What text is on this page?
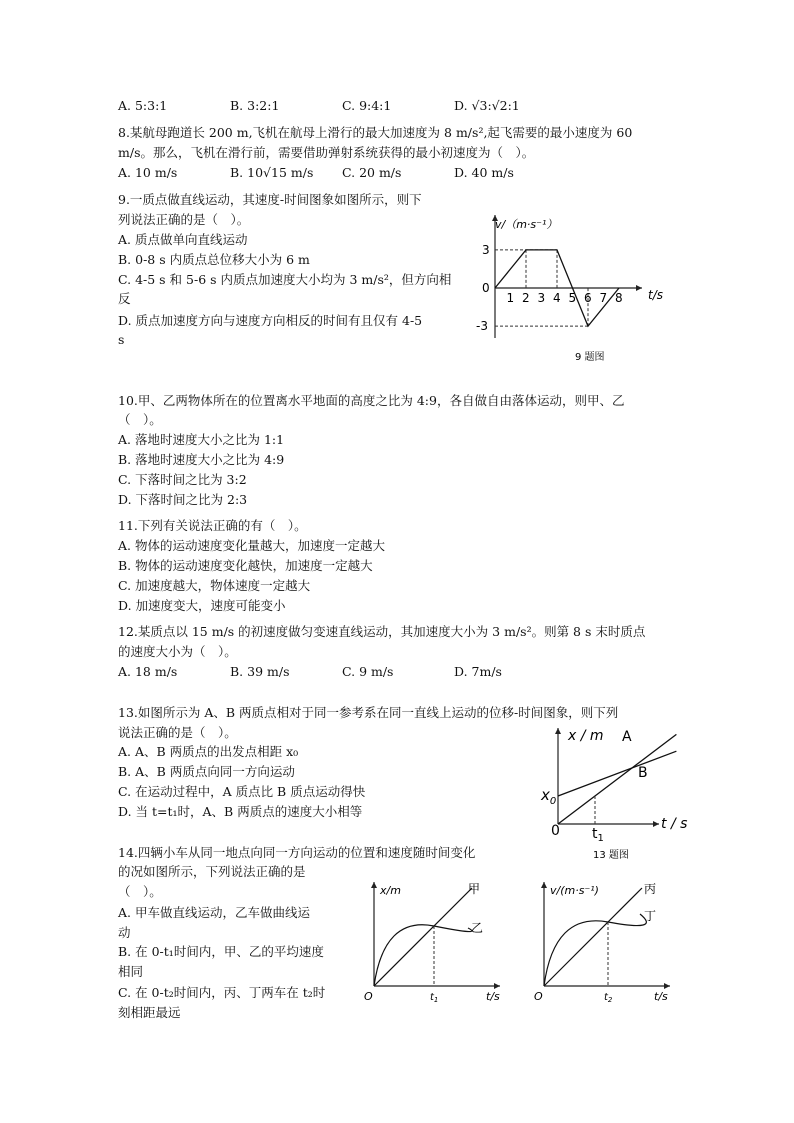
A. 5:3:1	B. 3:2:1	C. 9:4:1	D. √3:√2:1
8.某航母跑道长 200 m,飞机在航母上滑行的最大加速度为 8 m/s²,起飞需要的最小速度为 60
m/s。那么，飞机在滑行前，需要借助弹射系统获得的最小初速度为（　）。
A. 10 m/s	B. 10√15 m/s C. 20 m/s	D. 40 m/s
9.一质点做直线运动，其速度-时间图象如图所示，则下
列说法正确的是（　）。
A. 质点做单向直线运动
B. 0-8 s 内质点总位移大小为 6 m
C. 4-5 s 和 5-6 s 内质点加速度大小均为 3 m/s²，但方向相
反
D. 质点加速度方向与速度方向相反的时间有且仅有 4-5
s
1 2 3 4 5 6 7 8
3
0
-3
v/（m·s⁻¹）
t/s
9 题图
10.甲、乙两物体所在的位置离水平地面的高度之比为 4:9，各自做自由落体运动，则甲、乙
（　）。
A. 落地时速度大小之比为 1:1
B. 落地时速度大小之比为 4:9
C. 下落时间之比为 3:2
D. 下落时间之比为 2:3
11.下列有关说法正确的有（　）。
A. 物体的运动速度变化量越大，加速度一定越大
B. 物体的运动速度变化越快，加速度一定越大
C. 加速度越大，物体速度一定越大
D. 加速度变大，速度可能变小
12.某质点以 15 m/s 的初速度做匀变速直线运动，其加速度大小为 3 m/s²。则第 8 s 末时质点
的速度大小为（　）。
A. 18 m/s	B. 39 m/s	C. 9 m/s	D. 7m/s
13.如图所示为 A、B 两质点相对于同一参考系在同一直线上运动的位移-时间图象，则下列
说法正确的是（　）。
A. A、B 两质点的出发点相距 x₀
B. A、B 两质点向同一方向运动
C. 在运动过程中，A 质点比 B 质点运动得快
D. 当 t=t₁时，A、B 两质点的速度大小相等
x / m
t / s
A
B
$x_0$
0 $t_1$
13 题图
14.四辆小车从同一地点向同一方向运动的位置和速度随时间变化
的况如图所示，下列说法正确的是
（　）。
A. 甲车做直线运动，乙车做曲线运
动
B. 在 0-t₁时间内，甲、乙的平均速度
相同
C. 在 0-t₂时间内，丙、丁两车在 t₂时
刻相距最远
x/m
t/s
甲
乙
O	$t_1$
v/(m·s⁻¹)
t/s
丙
丁
O	$t_2$
